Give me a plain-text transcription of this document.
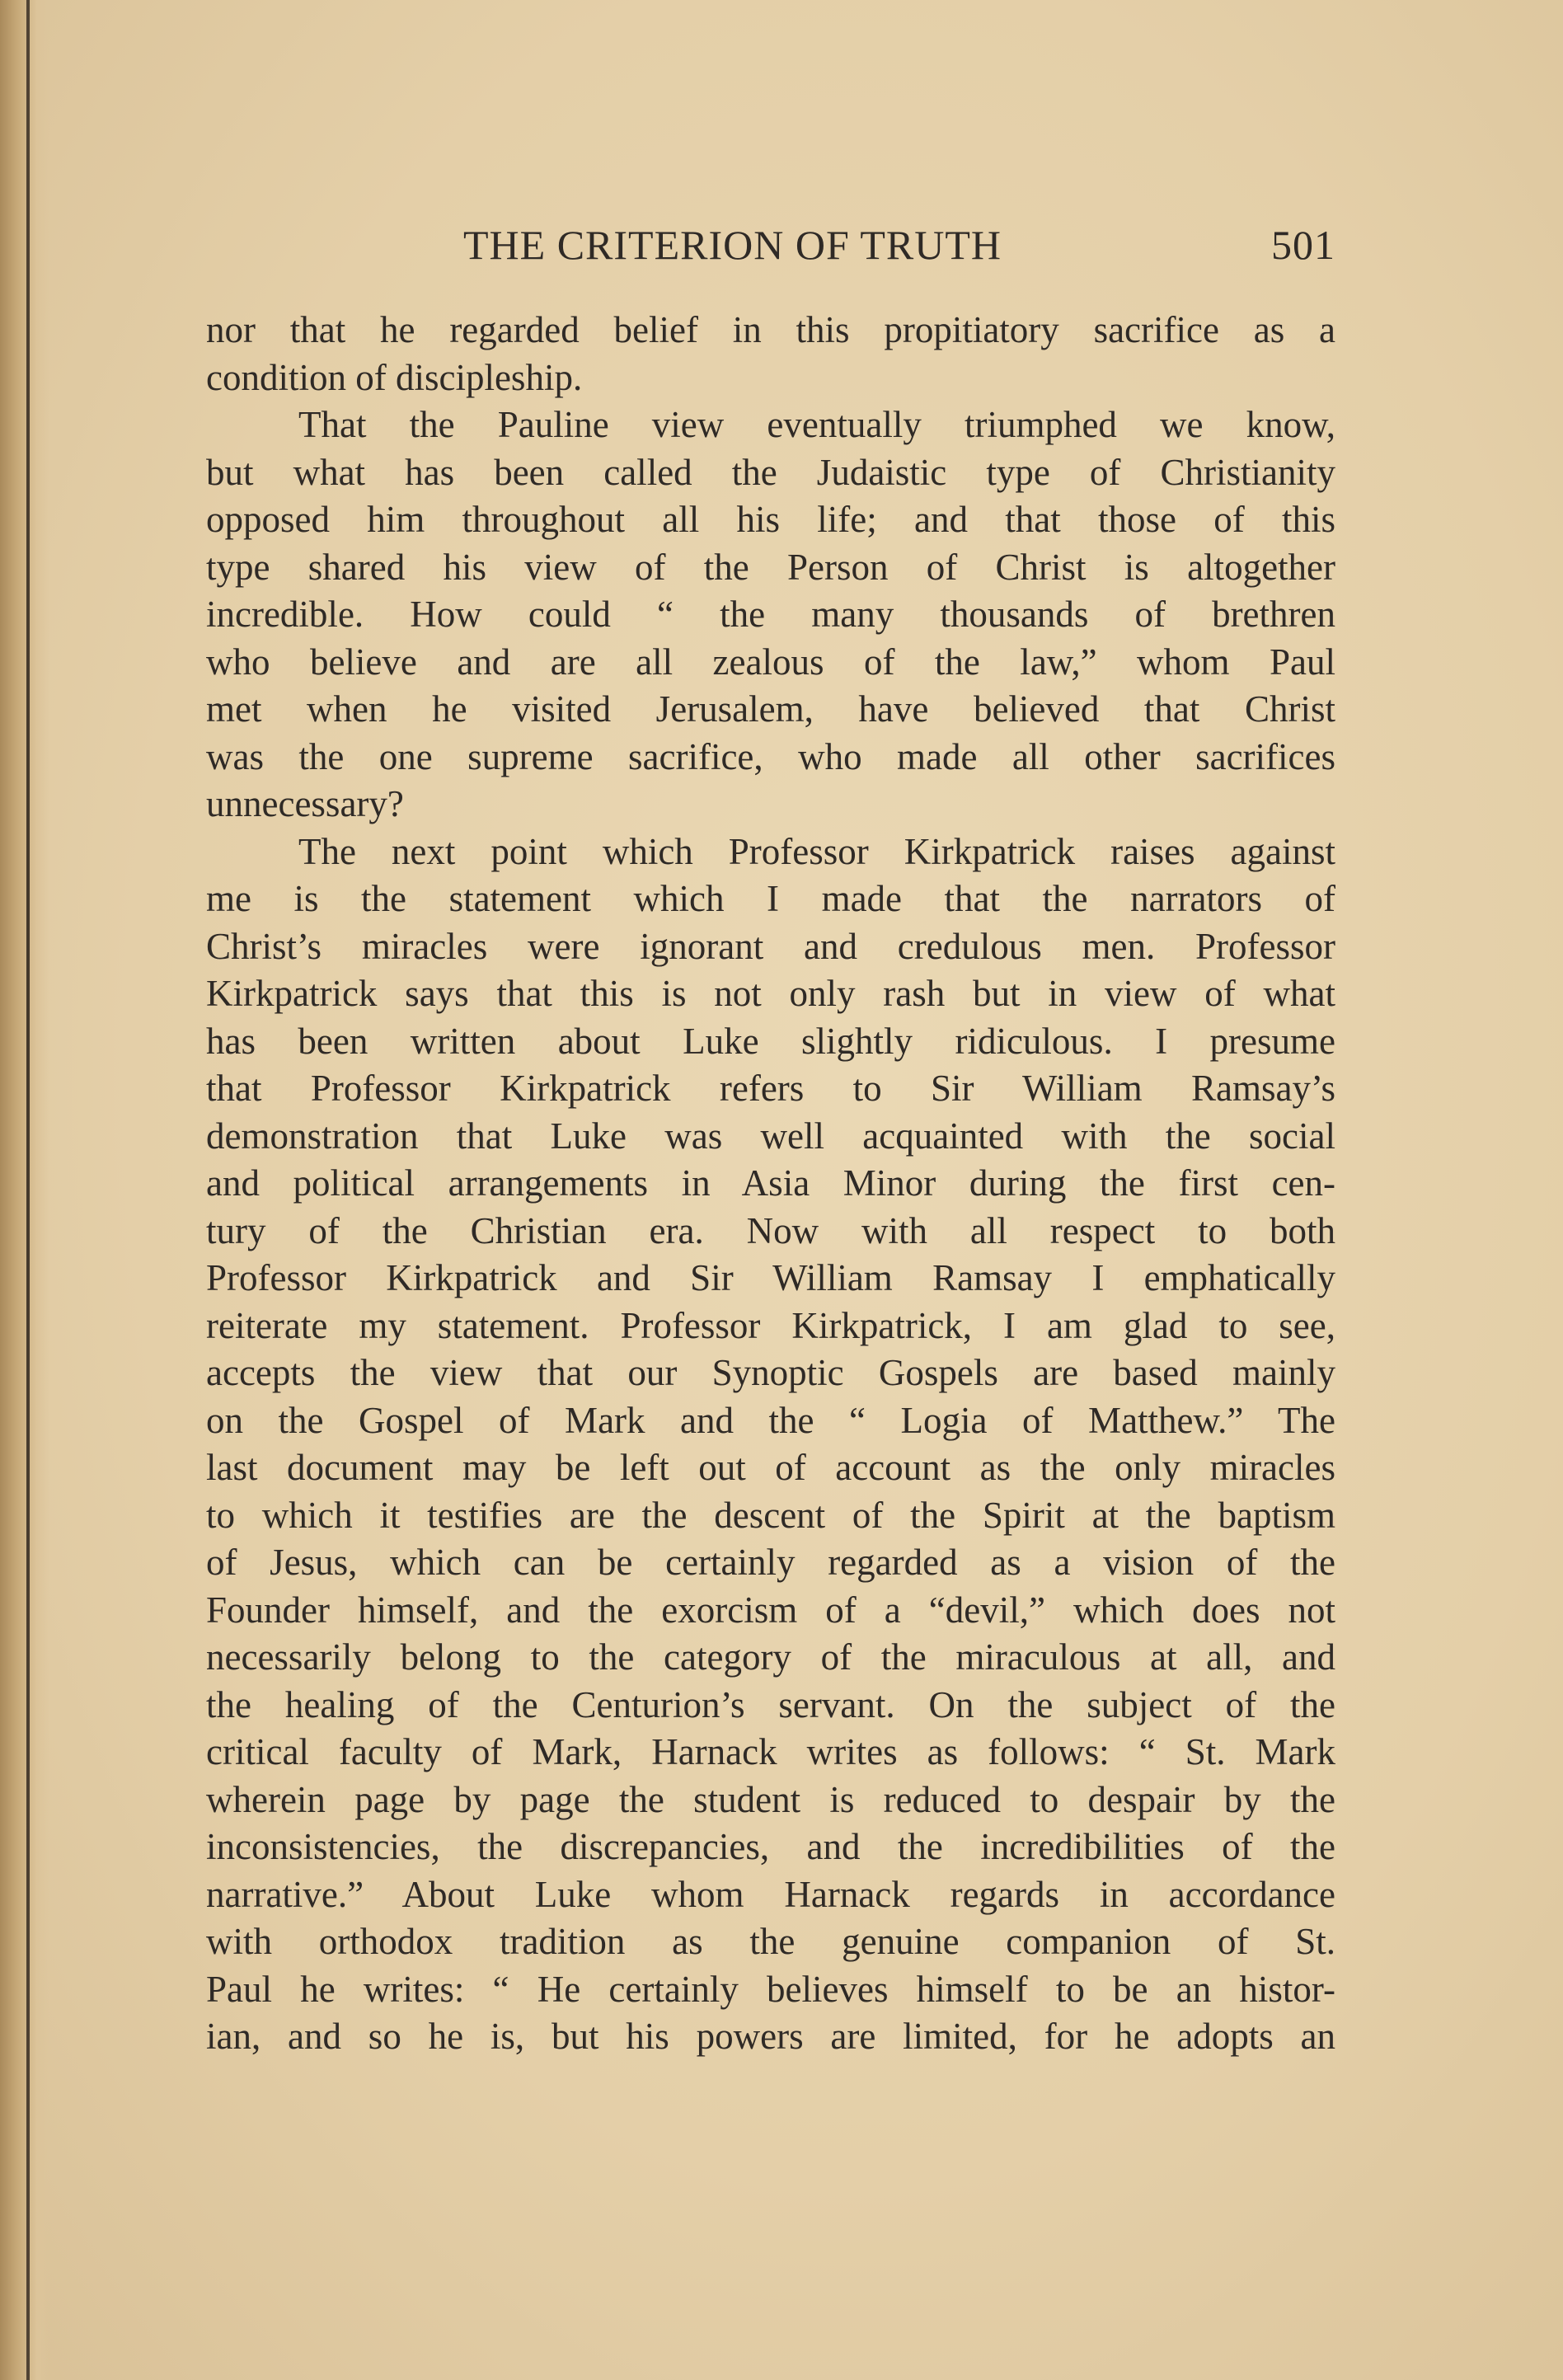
THE CRITERION OF TRUTH	501
nor that he regarded belief in this propitiatory sacrifice as a
condition of discipleship.
That the Pauline view eventually triumphed we know,
but what has been called the Judaistic type of Christianity
opposed him throughout all his life; and that those of this
type shared his view of the Person of Christ is altogether
incredible. How could “ the many thousands of brethren
who believe and are all zealous of the law,” whom Paul
met when he visited Jerusalem, have believed that Christ
was the one supreme sacrifice, who made all other sacrifices
unnecessary?
The next point which Professor Kirkpatrick raises against
me is the statement which I made that the narrators of
Christ’s miracles were ignorant and credulous men. Professor
Kirkpatrick says that this is not only rash but in view of what
has been written about Luke slightly ridiculous. I presume
that Professor Kirkpatrick refers to Sir William Ramsay’s
demonstration that Luke was well acquainted with the social
and political arrangements in Asia Minor during the first cen-
tury of the Christian era. Now with all respect to both
Professor Kirkpatrick and Sir William Ramsay I emphatically
reiterate my statement. Professor Kirkpatrick, I am glad to see,
accepts the view that our Synoptic Gospels are based mainly
on the Gospel of Mark and the “ Logia of Matthew.” The
last document may be left out of account as the only miracles
to which it testifies are the descent of the Spirit at the baptism
of Jesus, which can be certainly regarded as a vision of the
Founder himself, and the exorcism of a “devil,” which does not
necessarily belong to the category of the miraculous at all, and
the healing of the Centurion’s servant. On the subject of the
critical faculty of Mark, Harnack writes as follows: “ St. Mark
wherein page by page the student is reduced to despair by the
inconsistencies, the discrepancies, and the incredibilities of the
narrative.” About Luke whom Harnack regards in accordance
with orthodox tradition as the genuine companion of St.
Paul he writes: “ He certainly believes himself to be an histor-
ian, and so he is, but his powers are limited, for he adopts an
